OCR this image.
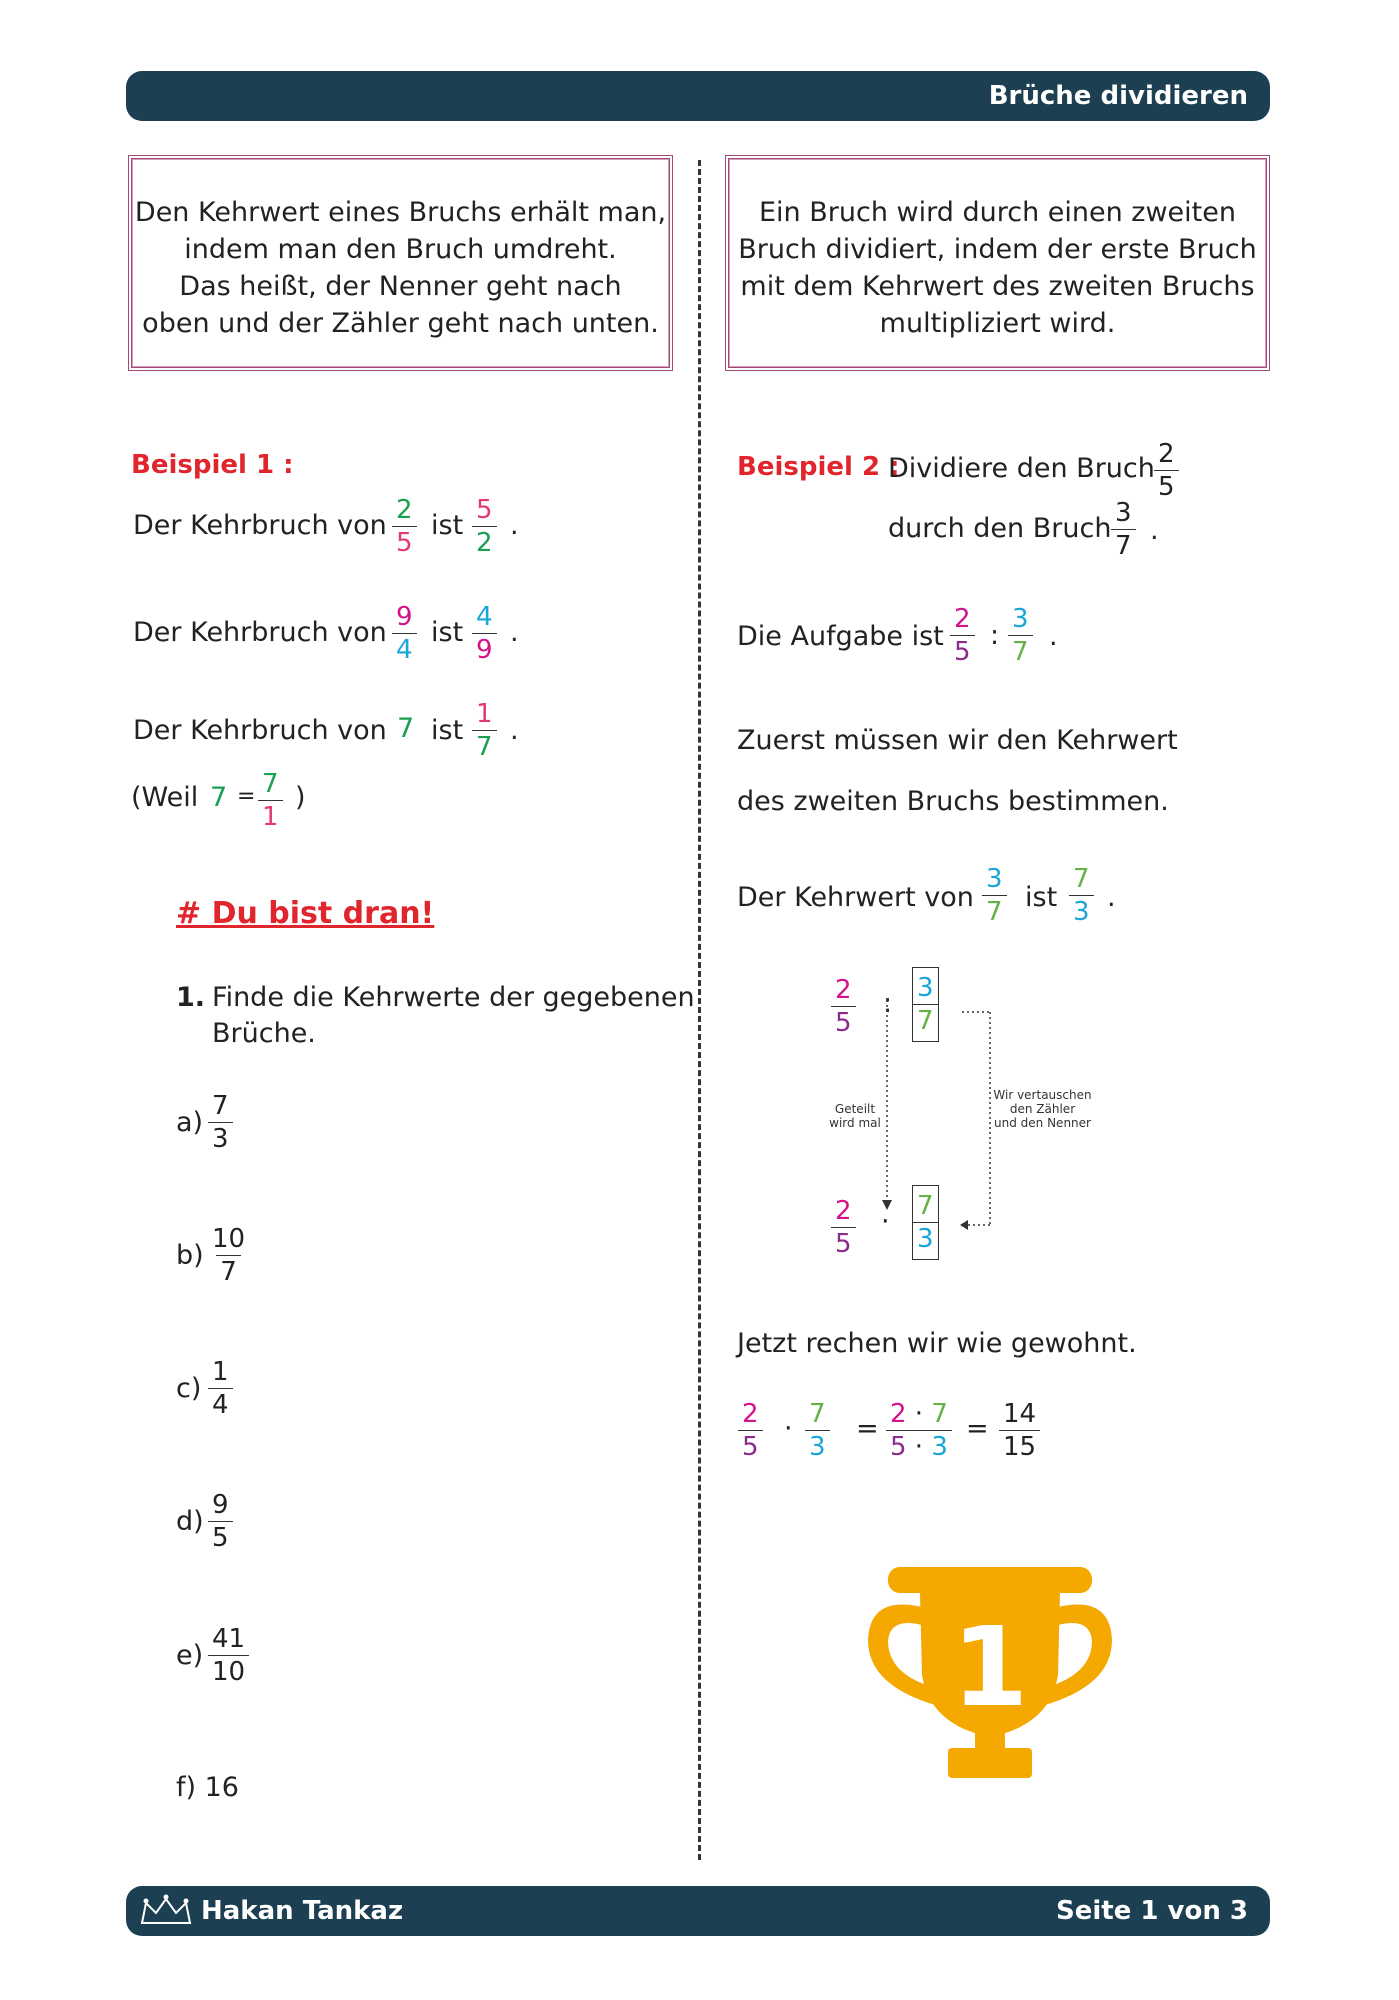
Brüche dividieren
Den Kehrwert eines Bruchs erhält man,
indem man den Bruch umdreht.
Das heißt, der Nenner geht nach
oben und der Zähler geht nach unten.
Ein Bruch wird durch einen zweiten
Bruch dividiert, indem der erste Bruch
mit dem Kehrwert des zweiten Bruchs
multipliziert wird.
Beispiel 1 :
Der Kehrbruch von $\frac{2}{5}$ ist $\frac{5}{2}$ .
Der Kehrbruch von $\frac{9}{4}$ ist $\frac{4}{9}$ .
Der Kehrbruch von 7 ist $\frac{1}{7}$ .
(Weil $7 = \frac{7}{1}$ )
# Du bist dran!
1. Finde die Kehrwerte der gegebenen
Brüche.
$a) \frac{7}{3}$
$b) \frac{10}{7}$
$c) \frac{1}{4}$
$d) \frac{9}{5}$
$e) \frac{41}{10}$
f) 16
Beispiel 2 :
Dividiere den Bruch $\frac{2}{5}$
durch den Bruch $\frac{3}{7}$ .
Die Aufgabe ist $\frac{2}{5}$ : $\frac{3}{7}$ .
Zuerst müssen wir den Kehrwert
des zweiten Bruchs bestimmen.
Der Kehrwert von $\frac{3}{7}$ ist $\frac{7}{3}$ .
$\frac{2}{5}$ : $\frac{3}{7}$
$\frac{2}{5} \cdot \frac{7}{3}$
Geteilt
wird mal
Wir vertauschen
den Zähler
und den Nenner
Jetzt rechen wir wie gewohnt.
$\frac{2}{5} \cdot \frac{7}{3} = \frac{2 \cdot 7}{5 \cdot 3} = \frac{14}{15}$
1
Hakan Tankaz	Seite 1 von 3
